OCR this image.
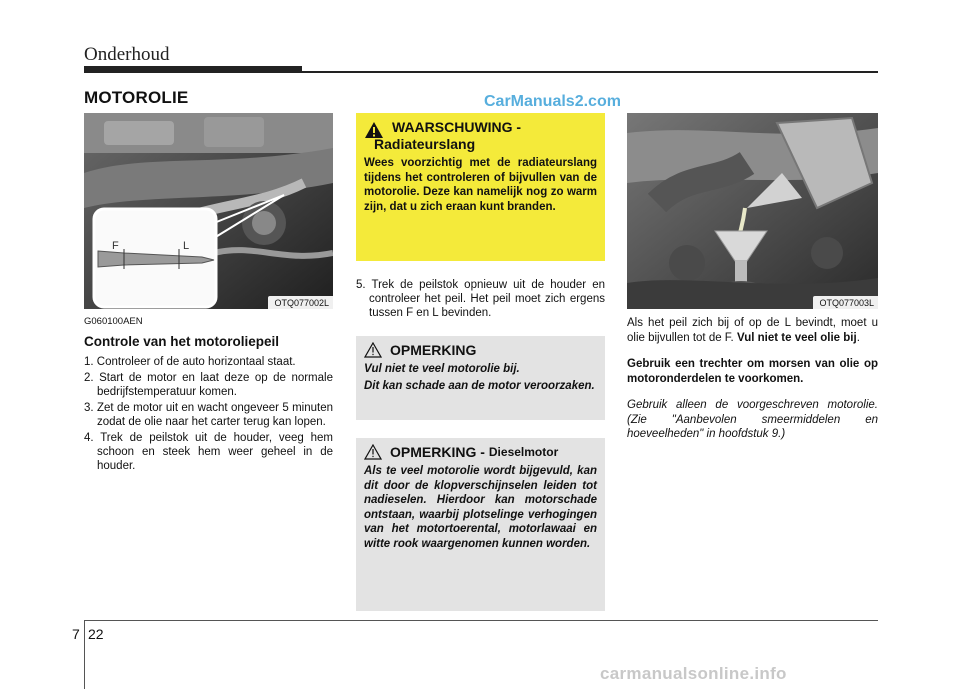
Onderhoud
MOTOROLIE	CarManuals2.com
F	L
OTQ077002L
G060100AEN
Controle van het motoroliepeil
1. Controleer of de auto horizontaal staat.
2. Start de motor en laat deze op de normale bedrijfstemperatuur komen.
3. Zet de motor uit en wacht ongeveer 5 minuten zodat de olie naar het carter terug kan lopen.
4. Trek de peilstok uit de houder, veeg hem schoon en steek hem weer geheel in de houder.
WAARSCHUWING -
Radiateurslang
Wees voorzichtig met de radiateurslang tijdens het controleren of bijvullen van de motorolie. Deze kan namelijk nog zo warm zijn, dat u zich eraan kunt branden.
5. Trek de peilstok opnieuw uit de houder en controleer het peil. Het peil moet zich ergens tussen F en L bevinden.
OPMERKING

Vul niet te veel motorolie bij.

Dit kan schade aan de motor veroorzaken.

OPMERKING - Dieselmotor
Als te veel motorolie wordt bijgevuld, kan dit door de klopverschijnselen leiden tot nadieselen. Hierdoor kan motorschade ontstaan, waarbij plotselinge verhogingen van het motortoerental, motorlawaai en witte rook waargenomen kunnen worden.
OTQ077003L

Als het peil zich bij of op de L bevindt, moet u olie bijvullen tot de F. Vul niet te veel olie bij.

Gebruik een trechter om morsen van olie op motoronderdelen te voorkomen.

Gebruik alleen de voorgeschreven motorolie. (Zie "Aanbevolen smeermiddelen en hoeveelheden" in hoofdstuk 9.)

7 22
carmanualsonline.info
